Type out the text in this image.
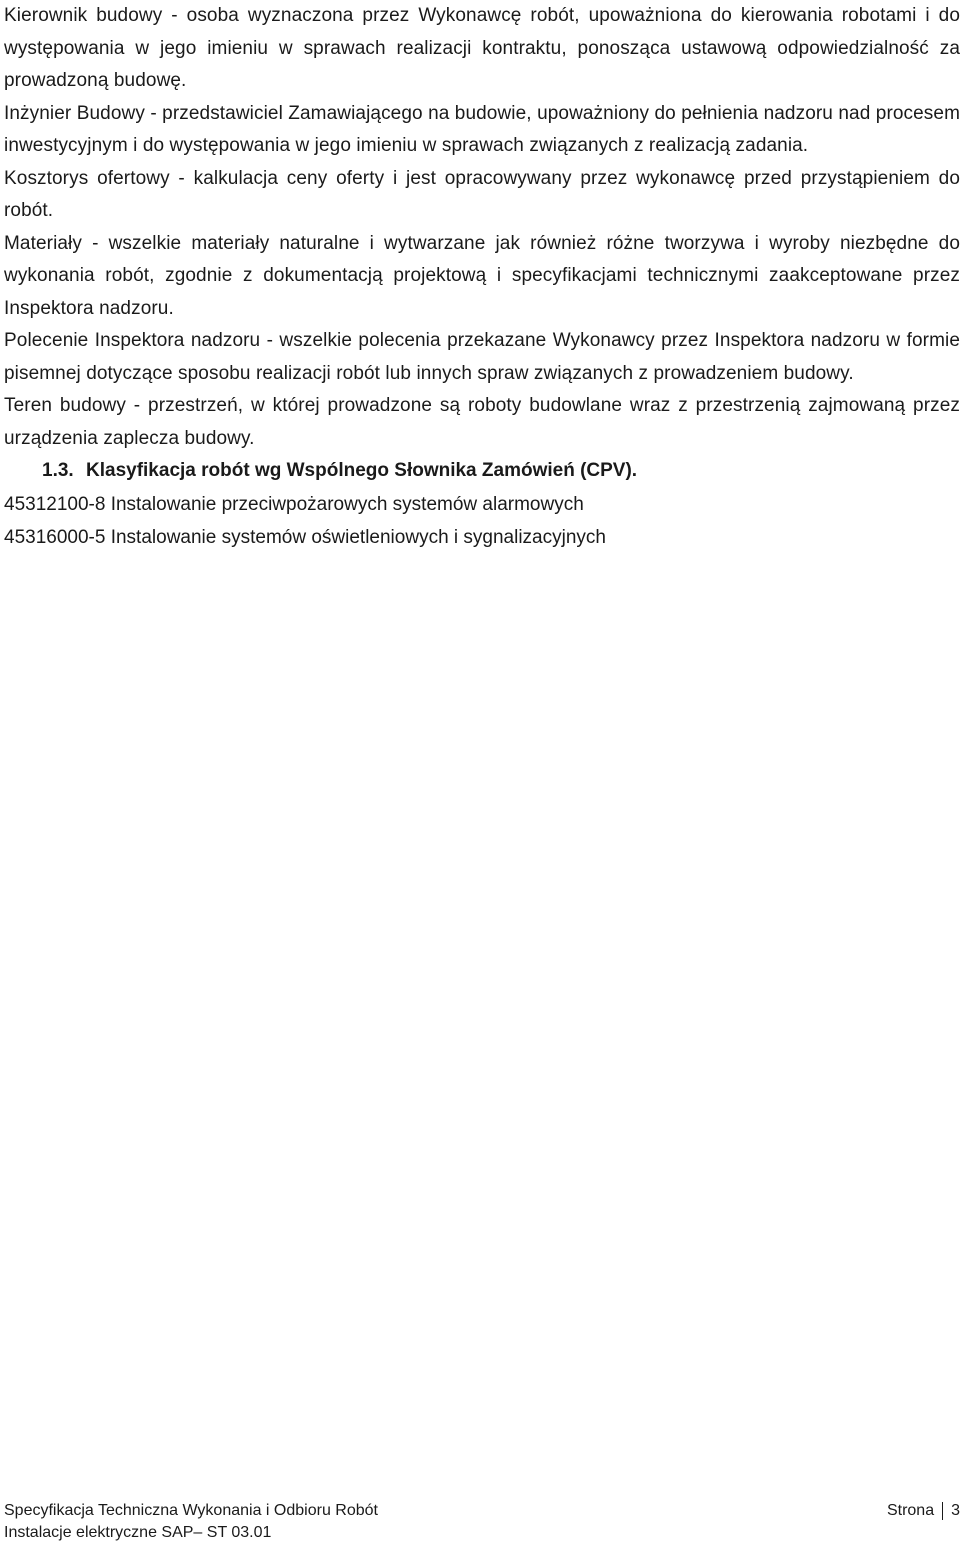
Kierownik budowy - osoba wyznaczona przez Wykonawcę robót, upoważniona do kierowania robotami i do występowania w jego imieniu w sprawach realizacji kontraktu, ponosząca ustawową odpowiedzialność za prowadzoną budowę.

Inżynier Budowy - przedstawiciel Zamawiającego na budowie, upoważniony do pełnienia nadzoru nad procesem inwestycyjnym i do występowania w jego imieniu w sprawach związanych z realizacją zadania.

Kosztorys ofertowy - kalkulacja ceny oferty i jest opracowywany przez wykonawcę przed przystąpieniem do robót.

Materiały - wszelkie materiały naturalne i wytwarzane jak również różne tworzywa i wyroby niezbędne do wykonania robót, zgodnie z dokumentacją projektową i specyfikacjami technicznymi zaakceptowane przez Inspektora nadzoru.

Polecenie Inspektora nadzoru - wszelkie polecenia przekazane Wykonawcy przez Inspektora nadzoru w formie pisemnej dotyczące sposobu realizacji robót lub innych spraw związanych z prowadzeniem budowy.

Teren budowy - przestrzeń, w której prowadzone są roboty budowlane wraz z przestrzenią zajmowaną przez urządzenia zaplecza budowy.

1.3. Klasyfikacja robót wg Wspólnego Słownika Zamówień (CPV).

45312100-8 Instalowanie przeciwpożarowych systemów alarmowych

45316000-5 Instalowanie systemów oświetleniowych i sygnalizacyjnych

Specyfikacja Techniczna Wykonania i Odbioru Robót	Strona 3
Instalacje elektryczne SAP– ST 03.01
